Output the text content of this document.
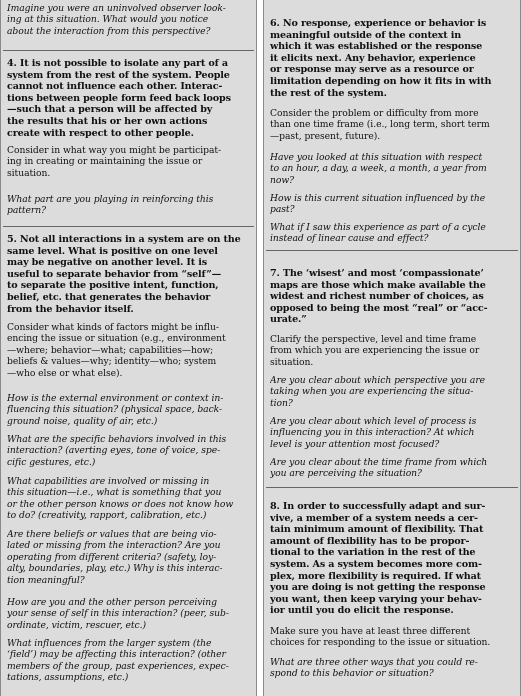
Imagine you were an uninvolved observer look-
ing at this situation. What would you notice
about the interaction from this perspective?
4. It is not possible to isolate any part of a
system from the rest of the system. People
cannot not influence each other. Interac-
tions between people form feed back loops
—such that a person will be affected by
the results that his or her own actions
create with respect to other people.
Consider in what way you might be participat-
ing in creating or maintaining the issue or
situation.
What part are you playing in reinforcing this
pattern?
5. Not all interactions in a system are on the
same level. What is positive on one level
may be negative on another level. It is
useful to separate behavior from “self”—
to separate the positive intent, function,
belief, etc. that generates the behavior
from the behavior itself.
Consider what kinds of factors might be influ-
encing the issue or situation (e.g., environment
—where; behavior—what; capabilities—how;
beliefs & values—why; identity—who; system
—who else or what else).
How is the external environment or context in-
fluencing this situation? (physical space, back-
ground noise, quality of air, etc.)
What are the specific behaviors involved in this
interaction? (averting eyes, tone of voice, spe-
cific gestures, etc.)
What capabilities are involved or missing in
this situation—i.e., what is something that you
or the other person knows or does not know how
to do? (creativity, rapport, calibration, etc.)
Are there beliefs or values that are being vio-
lated or missing from the interaction? Are you
operating from different criteria? (safety, loy-
alty, boundaries, play, etc.) Why is this interac-
tion meaningful?
How are you and the other person perceiving
your sense of self in this interaction? (peer, sub-
ordinate, victim, rescuer, etc.)
What influences from the larger system (the
‘field’) may be affecting this interaction? (other
members of the group, past experiences, expec-
tations, assumptions, etc.)
6. No response, experience or behavior is
meaningful outside of the context in
which it was established or the response
it elicits next. Any behavior, experience
or response may serve as a resource or
limitation depending on how it fits in with
the rest of the system.
Consider the problem or difficulty from more
than one time frame (i.e., long term, short term
—past, present, future).
Have you looked at this situation with respect
to an hour, a day, a week, a month, a year from
now?
How is this current situation influenced by the
past?
What if I saw this experience as part of a cycle
instead of linear cause and effect?
7. The ‘wisest’ and most ‘compassionate’
maps are those which make available the
widest and richest number of choices, as
opposed to being the most “real” or “acc-
urate.”
Clarify the perspective, level and time frame
from which you are experiencing the issue or
situation.
Are you clear about which perspective you are
taking when you are experiencing the situa-
tion?
Are you clear about which level of process is
influencing you in this interaction? At which
level is your attention most focused?
Are you clear about the time frame from which
you are perceiving the situation?
8. In order to successfully adapt and sur-
vive, a member of a system needs a cer-
tain minimum amount of flexibility. That
amount of flexibility has to be propor-
tional to the variation in the rest of the
system. As a system becomes more com-
plex, more flexibility is required. If what
you are doing is not getting the response
you want, then keep varying your behav-
ior until you do elicit the response.
Make sure you have at least three different
choices for responding to the issue or situation.
What are three other ways that you could re-
spond to this behavior or situation?
